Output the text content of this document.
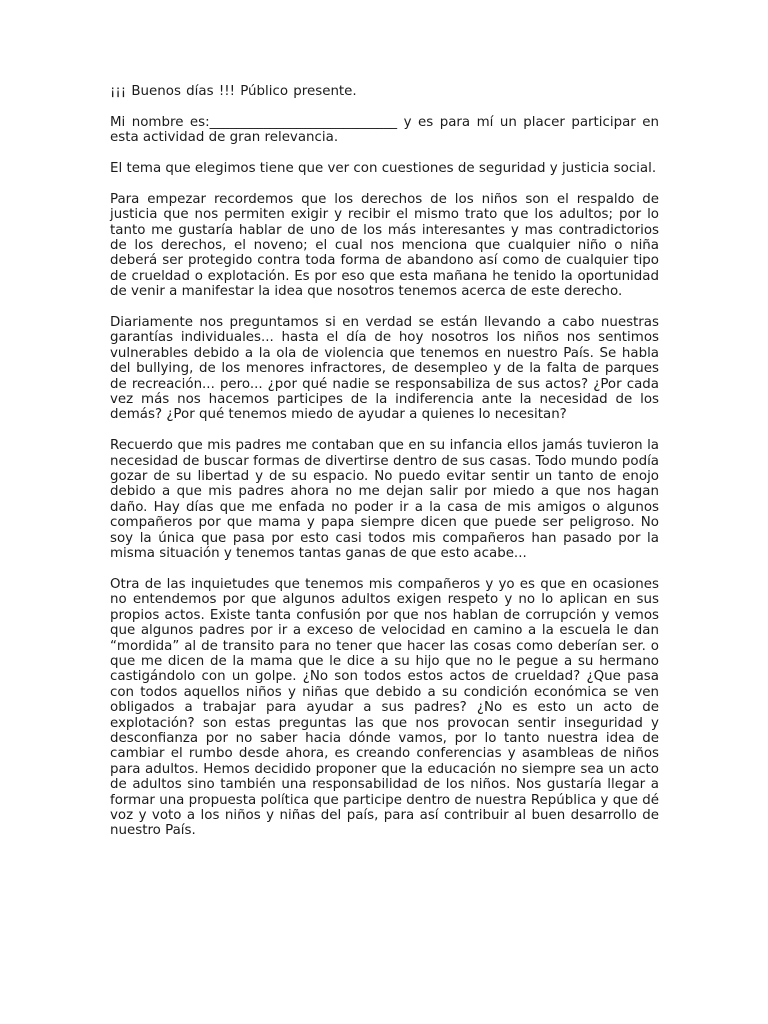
¡¡¡ Buenos días !!! Público presente.

Mi nombre es:____________________________ y es para mí un placer participar en esta actividad de gran relevancia.

El tema que elegimos tiene que ver con cuestiones de seguridad y justicia social.

Para empezar recordemos que los derechos de los niños son el respaldo de justicia que nos permiten exigir y recibir el mismo trato que los adultos; por lo tanto me gustaría hablar de uno de los más interesantes y mas contradictorios de los derechos, el noveno; el cual nos menciona que cualquier niño o niña deberá ser protegido contra toda forma de abandono así como de cualquier tipo de crueldad o explotación. Es por eso que esta mañana he tenido la oportunidad de venir a manifestar la idea que nosotros tenemos acerca de este derecho.

Diariamente nos preguntamos si en verdad se están llevando a cabo nuestras garantías individuales... hasta el día de hoy nosotros los niños nos sentimos vulnerables debido a la ola de violencia que tenemos en nuestro País. Se habla del bullying, de los menores infractores, de desempleo y de la falta de parques de recreación... pero... ¿por qué nadie se responsabiliza de sus actos? ¿Por cada vez más nos hacemos participes de la indiferencia ante la necesidad de los demás? ¿Por qué tenemos miedo de ayudar a quienes lo necesitan?

Recuerdo que mis padres me contaban que en su infancia ellos jamás tuvieron la necesidad de buscar formas de divertirse dentro de sus casas. Todo mundo podía gozar de su libertad y de su espacio. No puedo evitar sentir un tanto de enojo debido a que mis padres ahora no me dejan salir por miedo a que nos hagan daño. Hay días que me enfada no poder ir a la casa de mis amigos o algunos compañeros por que mama y papa siempre dicen que puede ser peligroso. No soy la única que pasa por esto casi todos mis compañeros han pasado por la misma situación y tenemos tantas ganas de que esto acabe...

Otra de las inquietudes que tenemos mis compañeros y yo es que en ocasiones no entendemos por que algunos adultos exigen respeto y no lo aplican en sus propios actos. Existe tanta confusión por que nos hablan de corrupción y vemos que algunos padres por ir a exceso de velocidad en camino a la escuela le dan “mordida” al de transito para no tener que hacer las cosas como deberían ser. o que me dicen de la mama que le dice a su hijo que no le pegue a su hermano castigándolo con un golpe. ¿No son todos estos actos de crueldad? ¿Que pasa con todos aquellos niños y niñas que debido a su condición económica se ven obligados a trabajar para ayudar a sus padres? ¿No es esto un acto de explotación? son estas preguntas las que nos provocan sentir inseguridad y desconfianza por no saber hacia dónde vamos, por lo tanto nuestra idea de cambiar el rumbo desde ahora, es creando conferencias y asambleas de niños para adultos. Hemos decidido proponer que la educación no siempre sea un acto de adultos sino también una responsabilidad de los niños. Nos gustaría llegar a formar una propuesta política que participe dentro de nuestra República y que dé voz y voto a los niños y niñas del país, para así contribuir al buen desarrollo de nuestro País.
